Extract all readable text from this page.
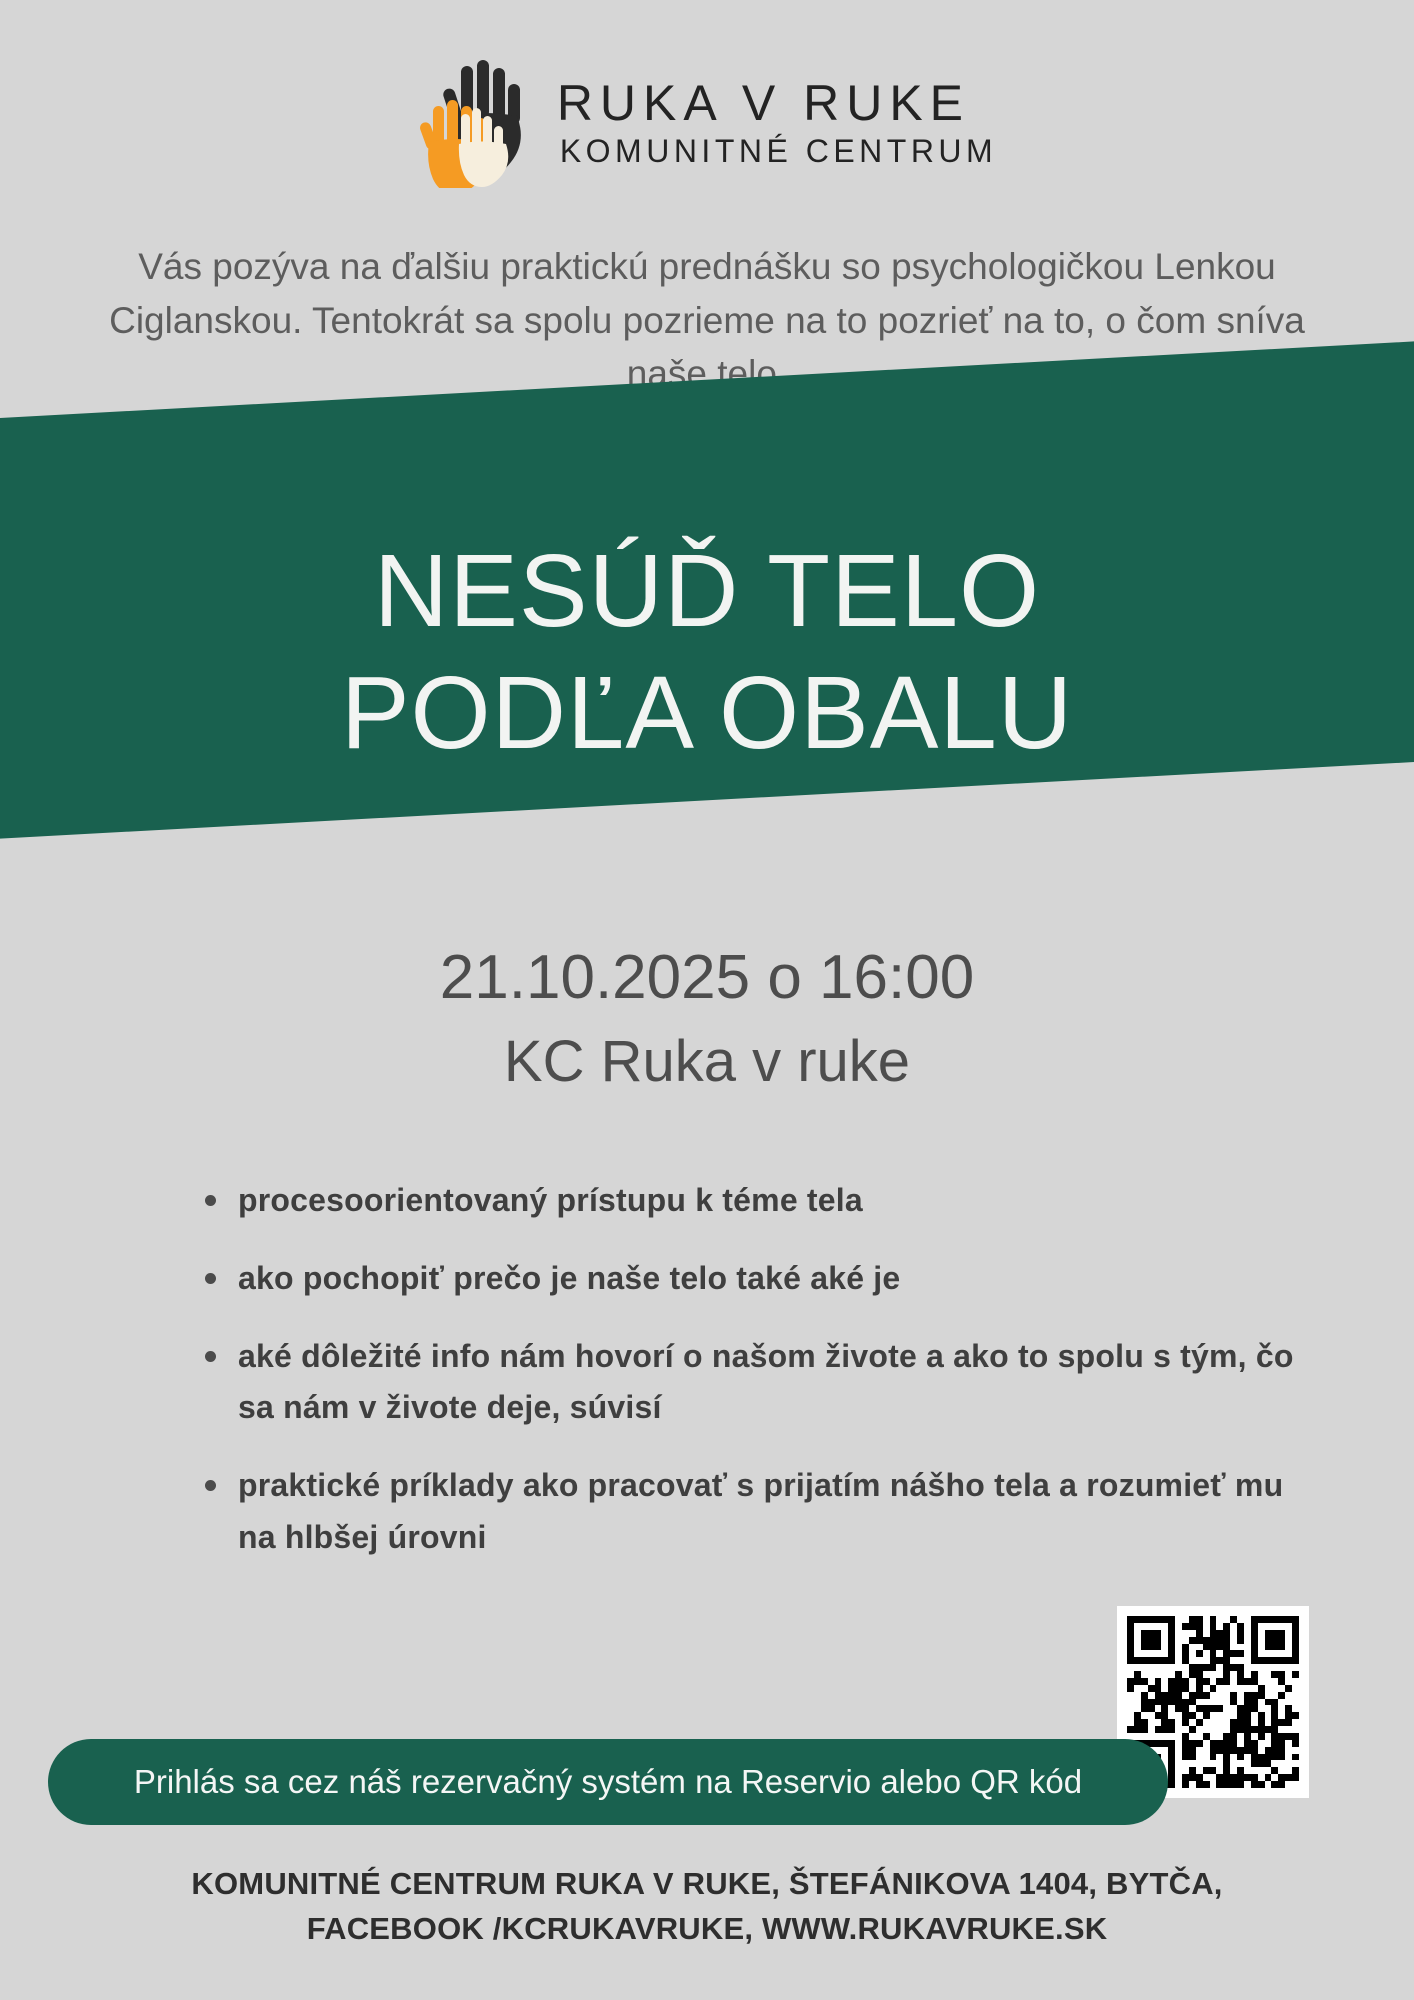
RUKA V RUKE
KOMUNITNÉ CENTRUM
Vás pozýva na ďalšiu praktickú prednášku so psychologičkou Lenkou Ciglanskou. Tentokrát sa spolu pozrieme na to pozrieť na to, o čom sníva naše telo.
NESÚĎ TELO
PODĽA OBALU
21.10.2025 o 16:00
KC Ruka v ruke
procesoorientovaný prístupu k téme tela
ako pochopiť prečo je naše telo také aké je
aké dôležité info nám hovorí o našom živote a ako to spolu s tým, čo sa nám v živote deje, súvisí
praktické príklady ako pracovať s prijatím nášho tela a rozumieť mu na hlbšej úrovni
Prihlás sa cez náš rezervačný systém na Reservio alebo QR kód
KOMUNITNÉ CENTRUM RUKA V RUKE, ŠTEFÁNIKOVA 1404, BYTČA,
FACEBOOK /KCRUKAVRUKE, WWW.RUKAVRUKE.SK
